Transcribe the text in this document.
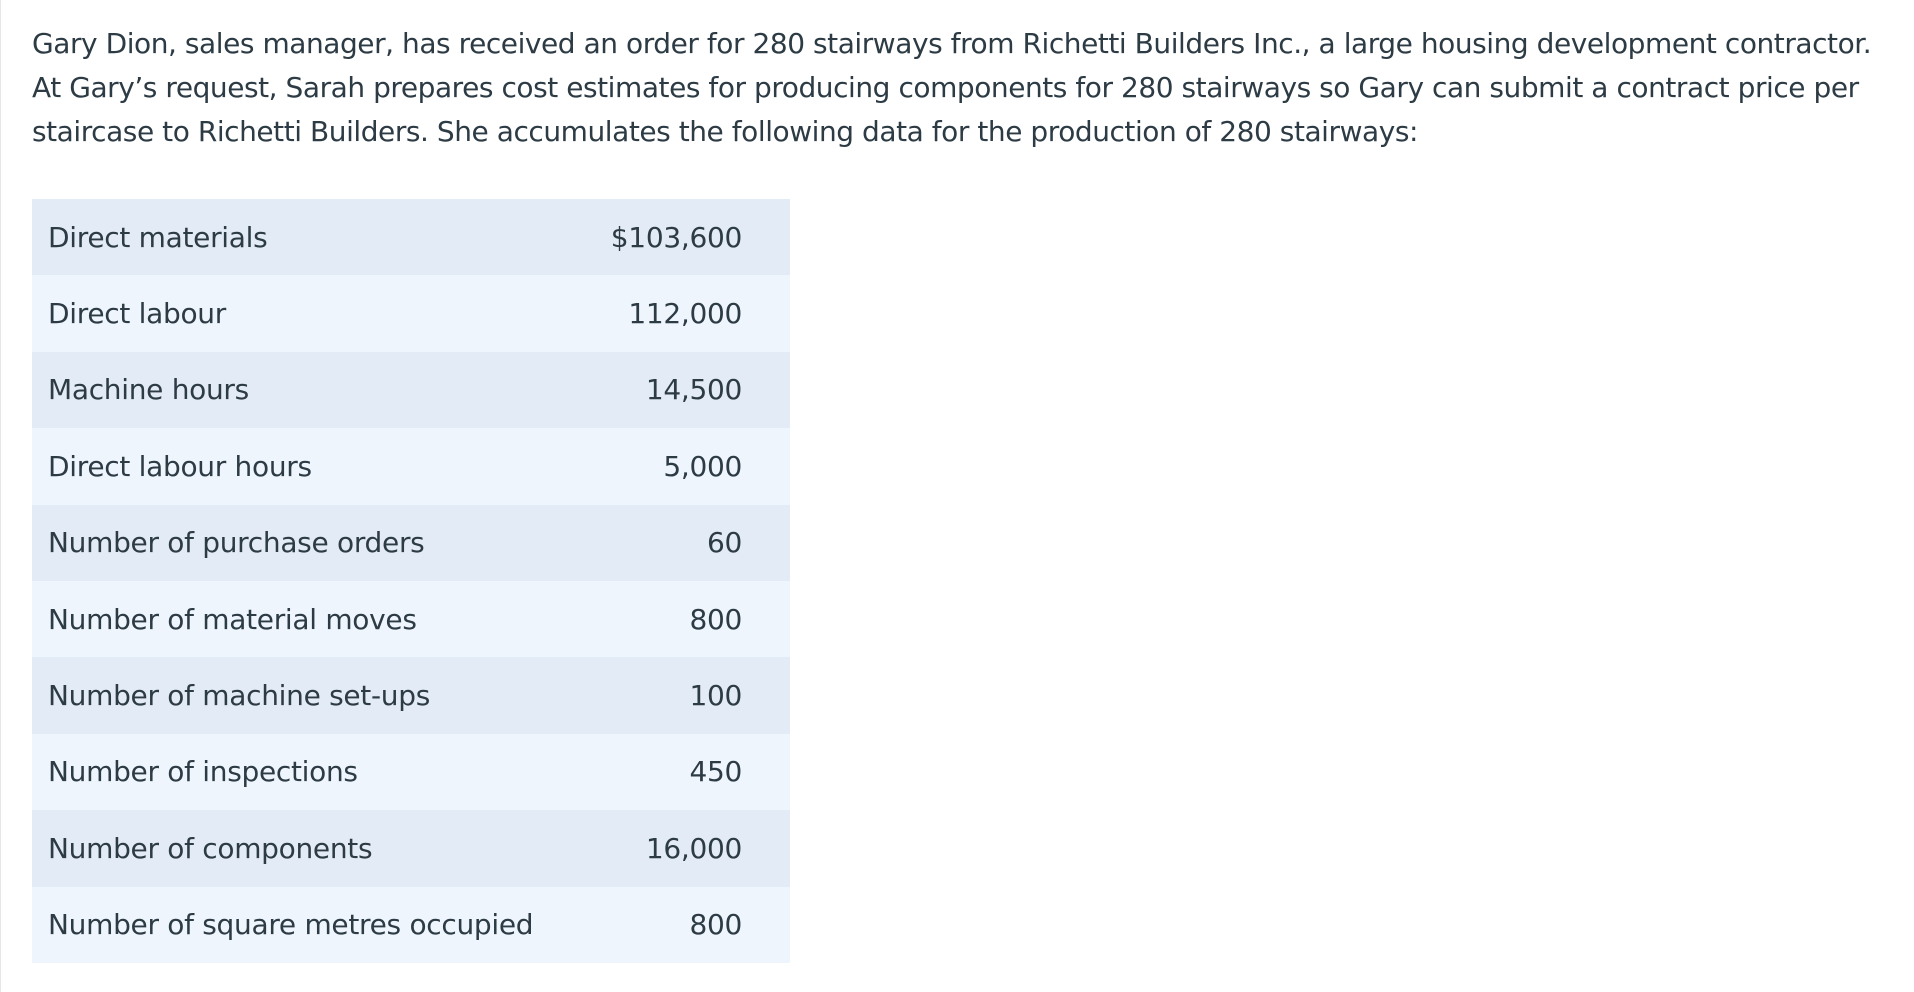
Gary Dion, sales manager, has received an order for 280 stairways from Richetti Builders Inc., a large housing development contractor. At Gary’s request, Sarah prepares cost estimates for producing components for 280 stairways so Gary can submit a contract price per staircase to Richetti Builders. She accumulates the following data for the production of 280 stairways:

Direct materials	$103,600
Direct labour	112,000
Machine hours	14,500
Direct labour hours	5,000
Number of purchase orders	60
Number of material moves	800
Number of machine set-ups	100
Number of inspections	450
Number of components	16,000
Number of square metres occupied	800
